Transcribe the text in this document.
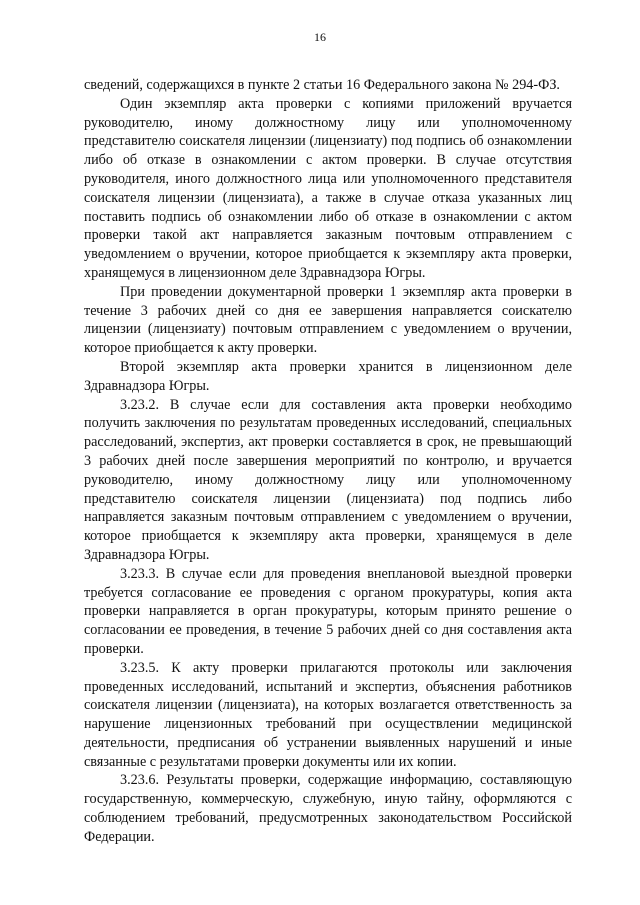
16

сведений, содержащихся в пункте 2 статьи 16 Федерального закона № 294-ФЗ.

Один экземпляр акта проверки с копиями приложений вручается руководителю, иному должностному лицу или уполномоченному представителю соискателя лицензии (лицензиату) под подпись об ознакомлении либо об отказе в ознакомлении с актом проверки. В случае отсутствия руководителя, иного должностного лица или уполномоченного представителя соискателя лицензии (лицензиата), а также в случае отказа указанных лиц поставить подпись об ознакомлении либо об отказе в ознакомлении с актом проверки такой акт направляется заказным почтовым отправлением с уведомлением о вручении, которое приобщается к экземпляру акта проверки, хранящемуся в лицензионном деле Здравнадзора Югры.

При проведении документарной проверки 1 экземпляр акта проверки в течение 3 рабочих дней со дня ее завершения направляется соискателю лицензии (лицензиату) почтовым отправлением с уведомлением о вручении, которое приобщается к акту проверки.

Второй экземпляр акта проверки хранится в лицензионном деле Здравнадзора Югры.

3.23.2. В случае если для составления акта проверки необходимо получить заключения по результатам проведенных исследований, специальных расследований, экспертиз, акт проверки составляется в срок, не превышающий 3 рабочих дней после завершения мероприятий по контролю, и вручается руководителю, иному должностному лицу или уполномоченному представителю соискателя лицензии (лицензиата) под подпись либо направляется заказным почтовым отправлением с уведомлением о вручении, которое приобщается к экземпляру акта проверки, хранящемуся в деле Здравнадзора Югры.

3.23.3. В случае если для проведения внеплановой выездной проверки требуется согласование ее проведения с органом прокуратуры, копия акта проверки направляется в орган прокуратуры, которым принято решение о согласовании ее проведения, в течение 5 рабочих дней со дня составления акта проверки.

3.23.5. К акту проверки прилагаются протоколы или заключения проведенных исследований, испытаний и экспертиз, объяснения работников соискателя лицензии (лицензиата), на которых возлагается ответственность за нарушение лицензионных требований при осуществлении медицинской деятельности, предписания об устранении выявленных нарушений и иные связанные с результатами проверки документы или их копии.

3.23.6. Результаты проверки, содержащие информацию, составляющую государственную, коммерческую, служебную, иную тайну, оформляются с соблюдением требований, предусмотренных законодательством Российской Федерации.
